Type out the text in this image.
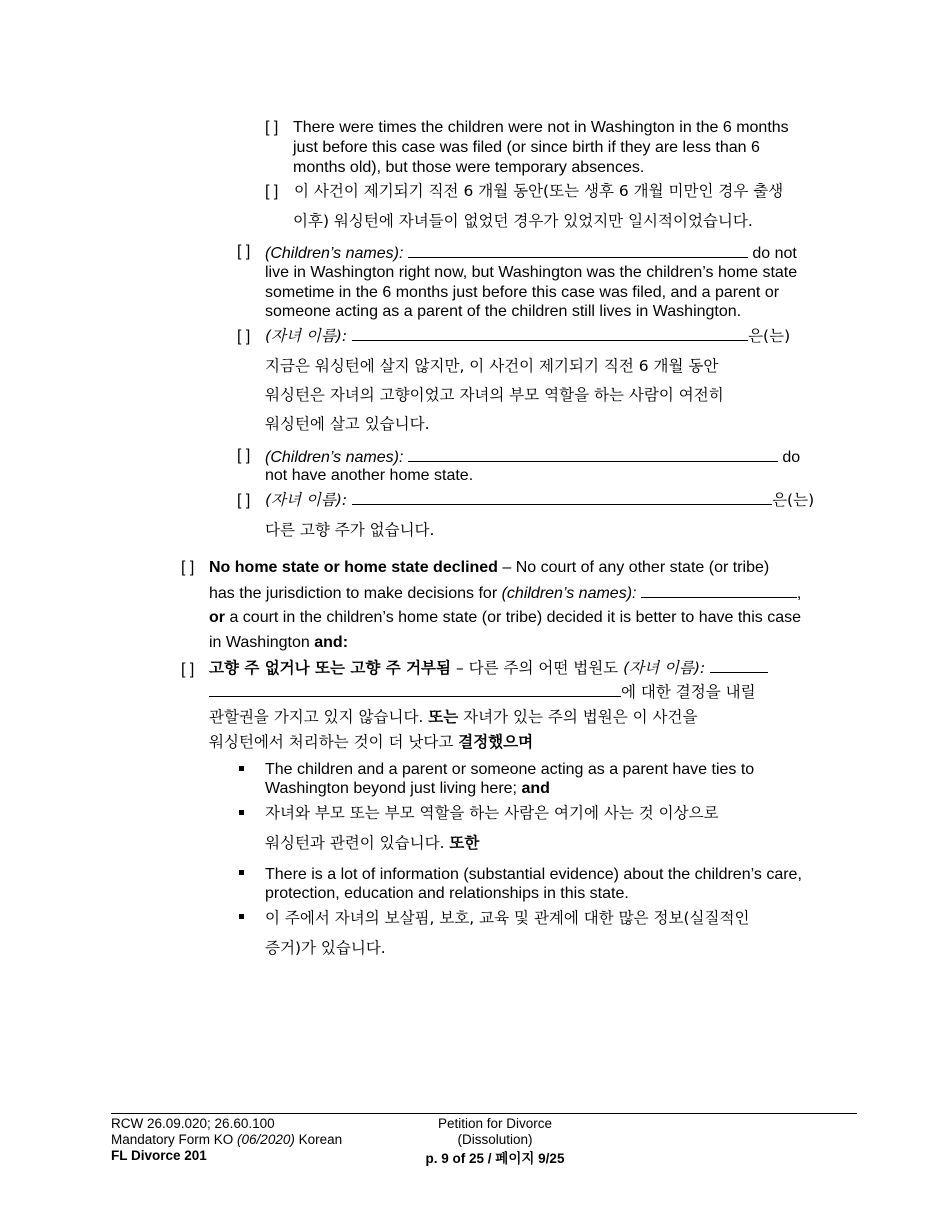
[ ] There were times the children were not in Washington in the 6 months
just before this case was filed (or since birth if they are less than 6
months old), but those were temporary absences.
[ ] 이 사건이 제기되기 직전 6 개월 동안(또는 생후 6 개월 미만인 경우 출생
이후) 워싱턴에 자녀들이 없었던 경우가 있었지만 일시적이었습니다.
[ ] (Children’s names):	do not
live in Washington right now, but Washington was the children’s home state
sometime in the 6 months just before this case was filed, and a parent or
someone acting as a parent of the children still lives in Washington.
[ ] (자녀 이름):	은(는)
지금은 워싱턴에 살지 않지만, 이 사건이 제기되기 직전 6 개월 동안
워싱턴은 자녀의 고향이었고 자녀의 부모 역할을 하는 사람이 여전히
워싱턴에 살고 있습니다.
[ ] (Children’s names):	do
not have another home state.
[ ] (자녀 이름):	은(는)
다른 고향 주가 없습니다.
[ ] No home state or home state declined – No court of any other state (or tribe)
has the jurisdiction to make decisions for (children’s names):	,
or a court in the children’s home state (or tribe) decided it is better to have this case
in Washington and:
[ ] 고향 주 없거나 또는 고향 주 거부됨 – 다른 주의 어떤 법원도 (자녀 이름):
에 대한 결정을 내릴
관할권을 가지고 있지 않습니다. 또는 자녀가 있는 주의 법원은 이 사건을
워싱턴에서 처리하는 것이 더 낫다고 결정했으며
The children and a parent or someone acting as a parent have ties to
Washington beyond just living here; and
자녀와 부모 또는 부모 역할을 하는 사람은 여기에 사는 것 이상으로
워싱턴과 관련이 있습니다. 또한
There is a lot of information (substantial evidence) about the children’s care,
protection, education and relationships in this state.
이 주에서 자녀의 보살핌, 보호, 교육 및 관계에 대한 많은 정보(실질적인
증거)가 있습니다.
RCW 26.09.020; 26.60.100
Mandatory Form KO (06/2020) Korean
FL Divorce 201
Petition for Divorce
(Dissolution)
p. 9 of 25 / 페이지 9/25
